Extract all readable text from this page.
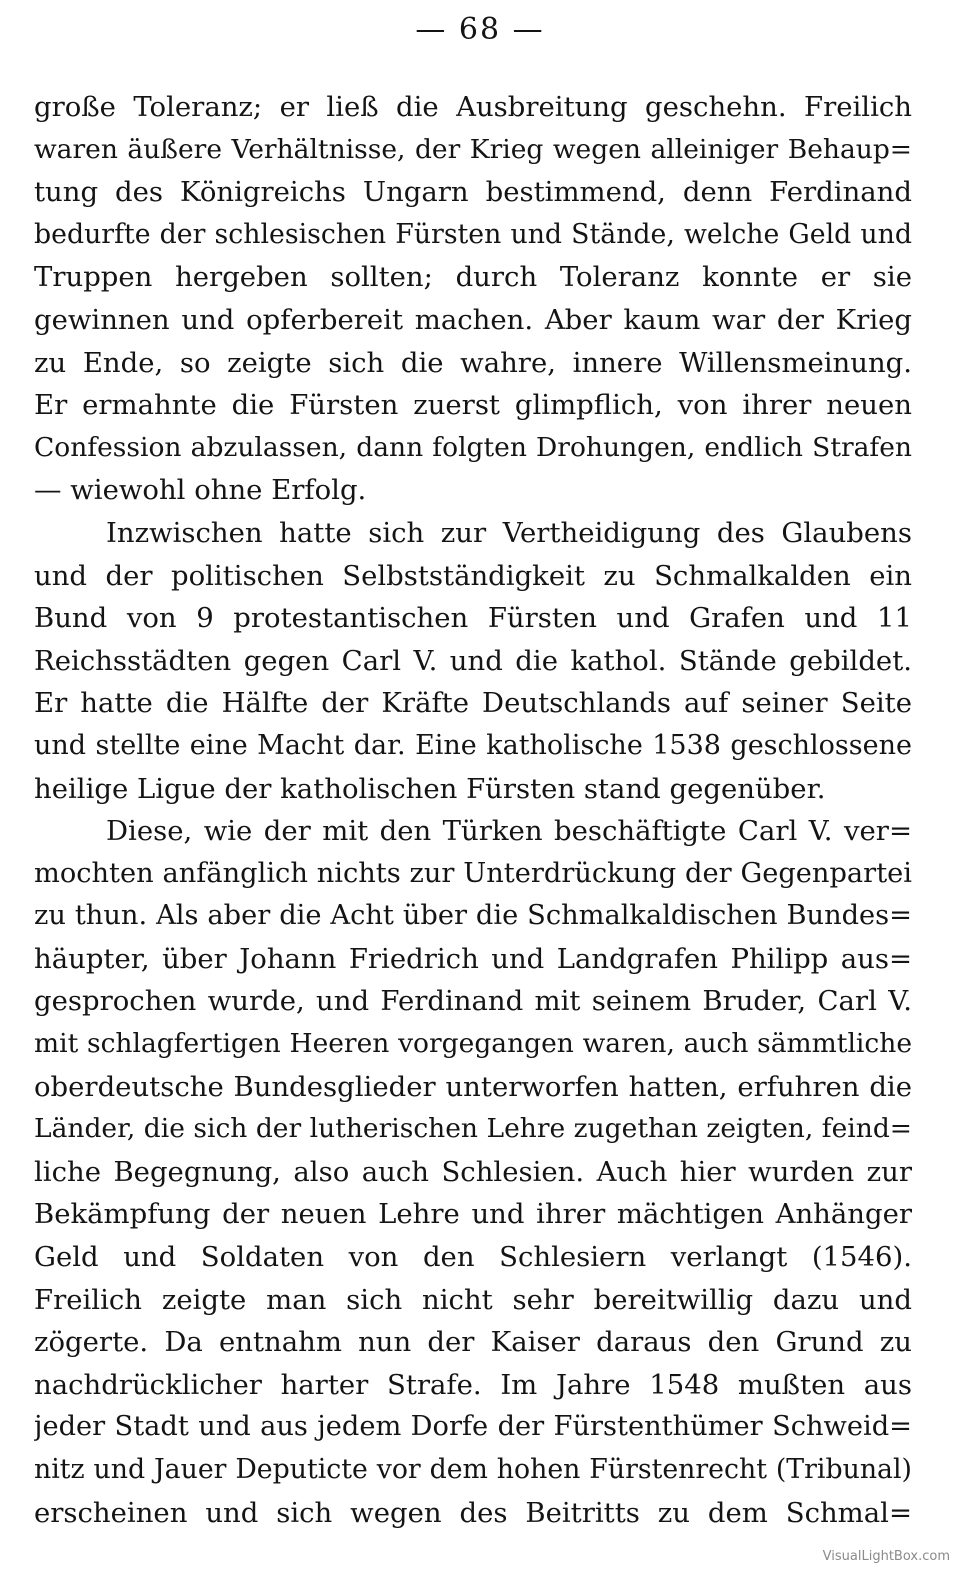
— 68 —
große Toleranz; er ließ die Ausbreitung geschehn. Freilich
waren äußere Verhältnisse, der Krieg wegen alleiniger Behaup=
tung des Königreichs Ungarn bestimmend, denn Ferdinand
bedurfte der schlesischen Fürsten und Stände, welche Geld und
Truppen hergeben sollten; durch Toleranz konnte er sie
gewinnen und opferbereit machen. Aber kaum war der Krieg
zu Ende, so zeigte sich die wahre, innere Willensmeinung.
Er ermahnte die Fürsten zuerst glimpflich, von ihrer neuen
Confession abzulassen, dann folgten Drohungen, endlich Strafen
— wiewohl ohne Erfolg.
Inzwischen hatte sich zur Vertheidigung des Glaubens
und der politischen Selbstständigkeit zu Schmalkalden ein
Bund von 9 protestantischen Fürsten und Grafen und 11
Reichsstädten gegen Carl V. und die kathol. Stände gebildet.
Er hatte die Hälfte der Kräfte Deutschlands auf seiner Seite
und stellte eine Macht dar. Eine katholische 1538 geschlossene
heilige Ligue der katholischen Fürsten stand gegenüber.
Diese, wie der mit den Türken beschäftigte Carl V. ver=
mochten anfänglich nichts zur Unterdrückung der Gegenpartei
zu thun. Als aber die Acht über die Schmalkaldischen Bundes=
häupter, über Johann Friedrich und Landgrafen Philipp aus=
gesprochen wurde, und Ferdinand mit seinem Bruder, Carl V.
mit schlagfertigen Heeren vorgegangen waren, auch sämmtliche
oberdeutsche Bundesglieder unterworfen hatten, erfuhren die
Länder, die sich der lutherischen Lehre zugethan zeigten, feind=
liche Begegnung, also auch Schlesien. Auch hier wurden zur
Bekämpfung der neuen Lehre und ihrer mächtigen Anhänger
Geld und Soldaten von den Schlesiern verlangt (1546).
Freilich zeigte man sich nicht sehr bereitwillig dazu und
zögerte. Da entnahm nun der Kaiser daraus den Grund zu
nachdrücklicher harter Strafe. Im Jahre 1548 mußten aus
jeder Stadt und aus jedem Dorfe der Fürstenthümer Schweid=
nitz und Jauer Deputicte vor dem hohen Fürstenrecht (Tribunal)
erscheinen und sich wegen des Beitritts zu dem Schmal=
VisualLightBox.com
